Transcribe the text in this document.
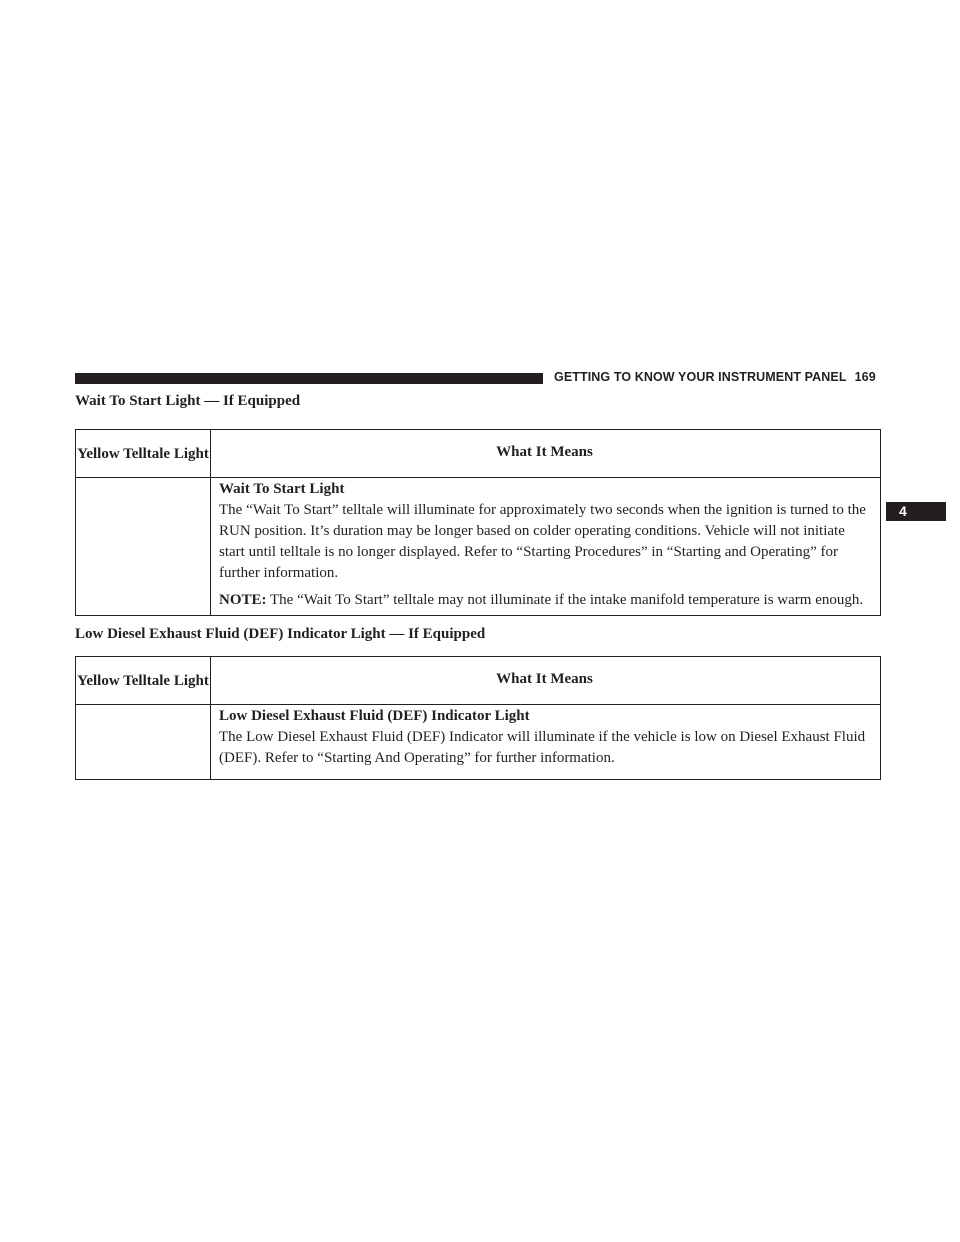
GETTING TO KNOW YOUR INSTRUMENT PANEL 169
4
Wait To Start Light — If Equipped
Yellow Telltale Light	What It Means

	Wait To Start Light

The “Wait To Start” telltale will illuminate for approximately two seconds when the ignition is turned to the RUN position. It’s duration may be longer based on colder operating conditions. Vehicle will not initiate start until telltale is no longer displayed. Refer to “Starting Procedures” in “Starting and Operating” for further information.

NOTE: The “Wait To Start” telltale may not illuminate if the intake manifold temperature is warm enough.

Low Diesel Exhaust Fluid (DEF) Indicator Light — If Equipped
Yellow Telltale Light	What It Means

	Low Diesel Exhaust Fluid (DEF) Indicator Light

The Low Diesel Exhaust Fluid (DEF) Indicator will illuminate if the vehicle is low on Diesel Exhaust Fluid (DEF). Refer to “Starting And Operating” for further information.
